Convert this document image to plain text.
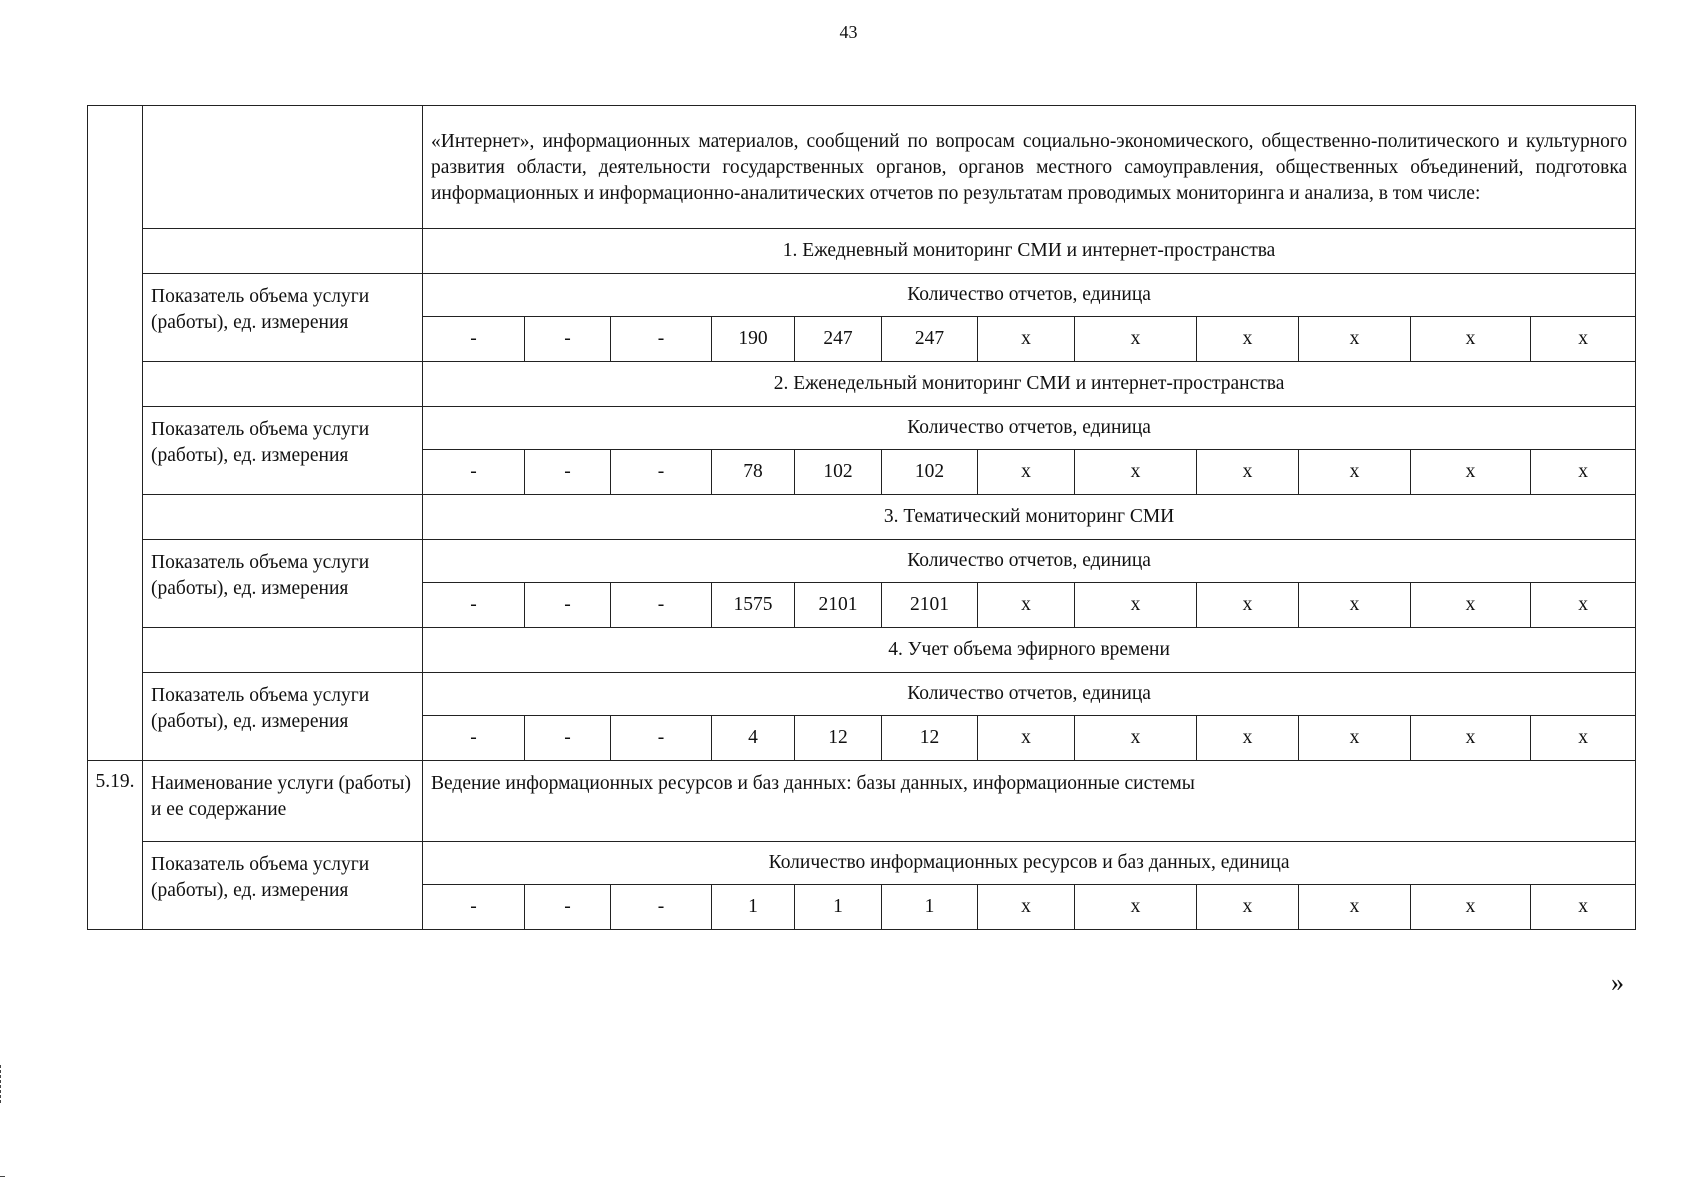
43
		«Интернет», информационных материалов, сообщений по вопросам социально-экономического, общественно-политического и культурного развития области, деятельности государственных органов, органов местного самоуправления, общественных объединений, подготовка информационных и информационно-аналитических отчетов по результатам проводимых мониторинга и анализа, в том числе:											
		1. Ежедневный мониторинг СМИ и интернет-пространства											
	Показатель объема услуги (работы), ед. измерения	Количество отчетов, единица											
		-	-	-	190	247	247	x	x	x	x	x	x
		2. Еженедельный мониторинг СМИ и интернет-пространства											
	Показатель объема услуги (работы), ед. измерения	Количество отчетов, единица											
		-	-	-	78	102	102	x	x	x	x	x	x
		3. Тематический мониторинг СМИ											
	Показатель объема услуги (работы), ед. измерения	Количество отчетов, единица											
		-	-	-	1575	2101	2101	x	x	x	x	x	x
		4. Учет объема эфирного времени											
	Показатель объема услуги (работы), ед. измерения	Количество отчетов, единица											
		-	-	-	4	12	12	x	x	x	x	x	x
5.19.	Наименование услуги (работы) и ее содержание	Ведение информационных ресурсов и баз данных: базы данных, информационные системы											
	Показатель объема услуги (работы), ед. измерения	Количество информационных ресурсов и баз данных, единица											
		-	-	-	1	1	1	x	x	x	x	x	x
»
